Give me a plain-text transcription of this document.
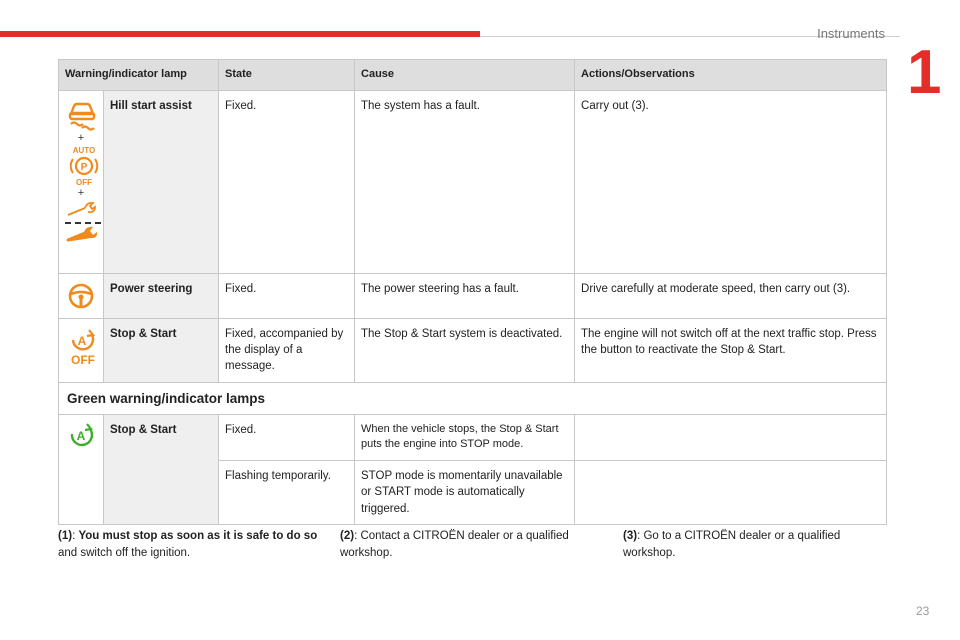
Instruments
1
Warning/indicator lamp		State	Cause	Actions/Observations

+
AUTO
P
OFF
+	Hill start assist	Fixed.	The system has a fault.	Carry out (3).

	Power steering	Fixed.	The power steering has a fault.	Drive carefully at moderate speed, then carry out (3).

A
OFF	Stop & Start	Fixed, accompanied by the display of a message.	The Stop & Start system is deactivated.	The engine will not switch off at the next traffic stop. Press the button to reactivate the Stop & Start.
Green warning/indicator lamps				

A	Stop & Start	Fixed.	When the vehicle stops, the Stop & Start puts the engine into STOP mode.	
		Flashing temporarily.	STOP mode is momentarily unavailable or START mode is automatically triggered.	
(1): You must stop as soon as it is safe to do so and switch off the ignition.
(2): Contact a CITROËN dealer or a qualified workshop.
(3): Go to a CITROËN dealer or a qualified workshop.
23
